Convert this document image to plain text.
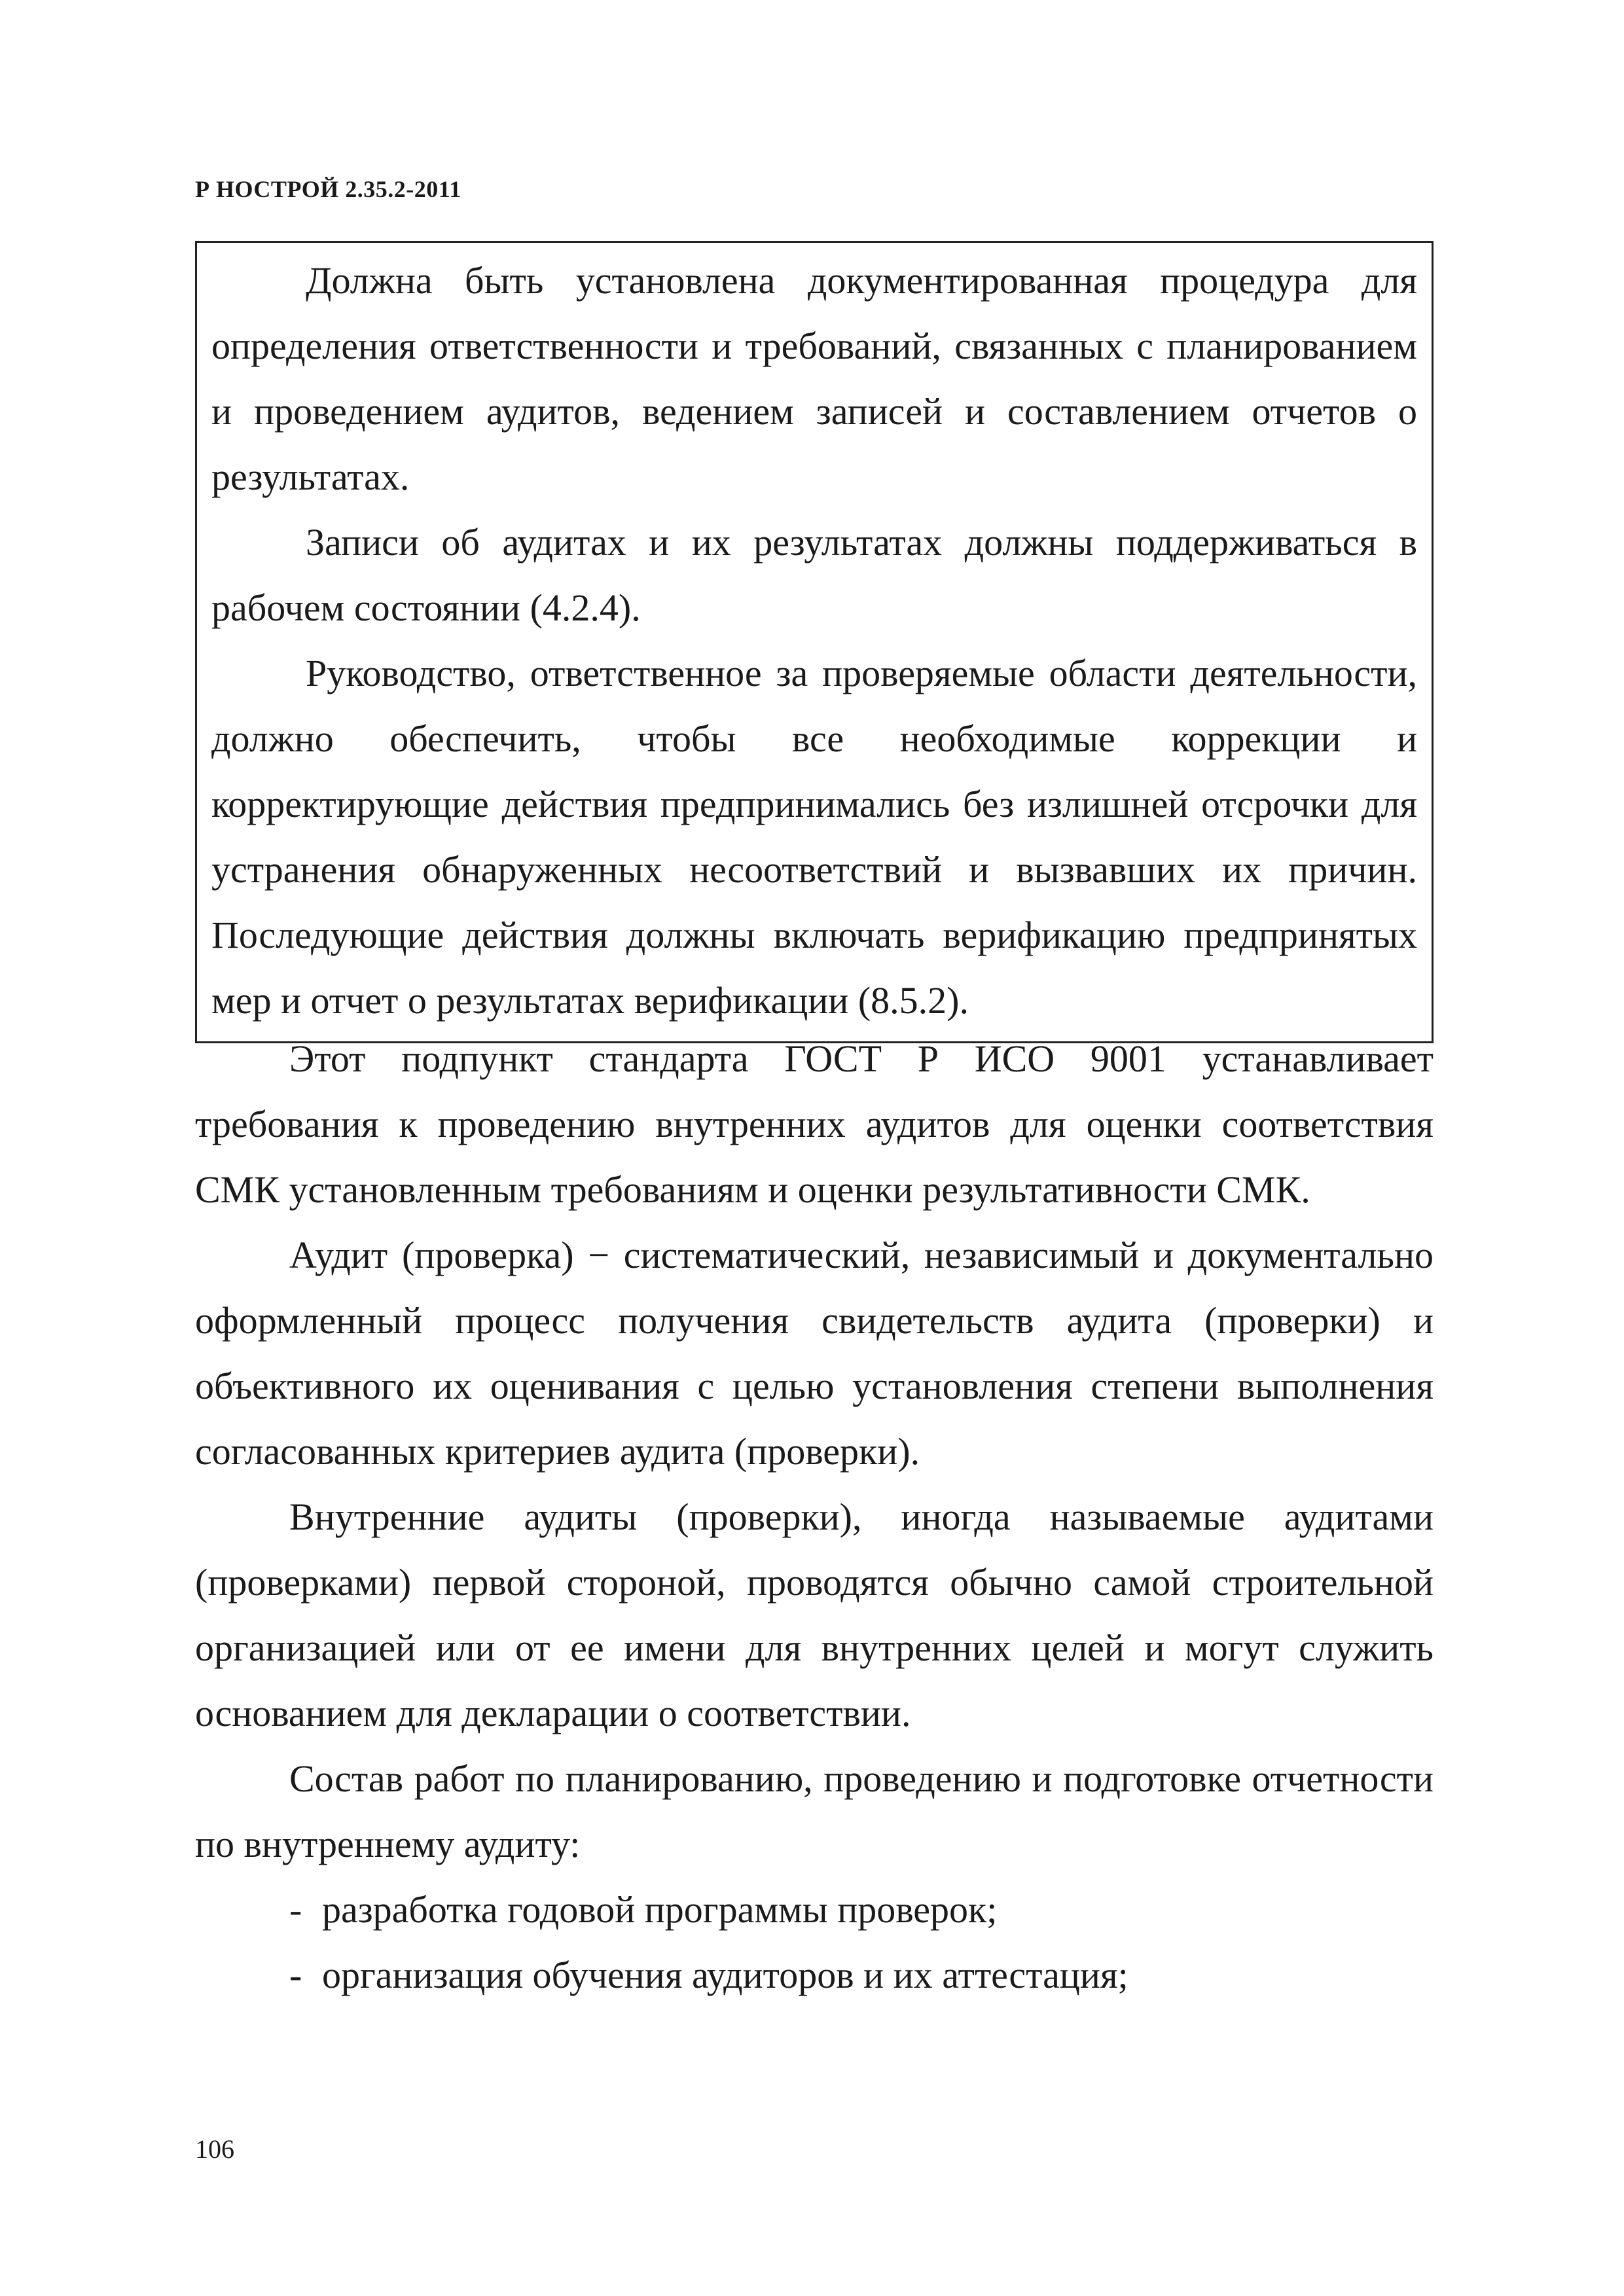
Р НОСТРОЙ 2.35.2-2011

Должна быть установлена документированная процедура для определения ответственности и требований, связанных с планированием и проведением аудитов, ведением записей и составлением отчетов о результатах.

Записи об аудитах и их результатах должны поддерживаться в рабочем состоянии (4.2.4).

Руководство, ответственное за проверяемые области деятельности, должно обеспечить, чтобы все необходимые коррекции и корректирующие действия предпринимались без излишней отсрочки для устранения обнаруженных несоответствий и вызвавших их причин. Последующие действия должны включать верификацию предпринятых мер и отчет о результатах верификации (8.5.2).

Этот подпункт стандарта ГОСТ Р ИСО 9001 устанавливает требования к проведению внутренних аудитов для оценки соответствия СМК установленным требованиям и оценки результативности СМК.

Аудит (проверка) − систематический, независимый и документально оформленный процесс получения свидетельств аудита (проверки) и объективного их оценивания с целью установления степени выполнения согласованных критериев аудита (проверки).

Внутренние аудиты (проверки), иногда называемые аудитами (проверками) первой стороной, проводятся обычно самой строительной организацией или от ее имени для внутренних целей и могут служить основанием для декларации о соответствии.

Состав работ по планированию, проведению и подготовке отчетности по внутреннему аудиту:

- разработка годовой программы проверок;
- организация обучения аудиторов и их аттестация;
106
